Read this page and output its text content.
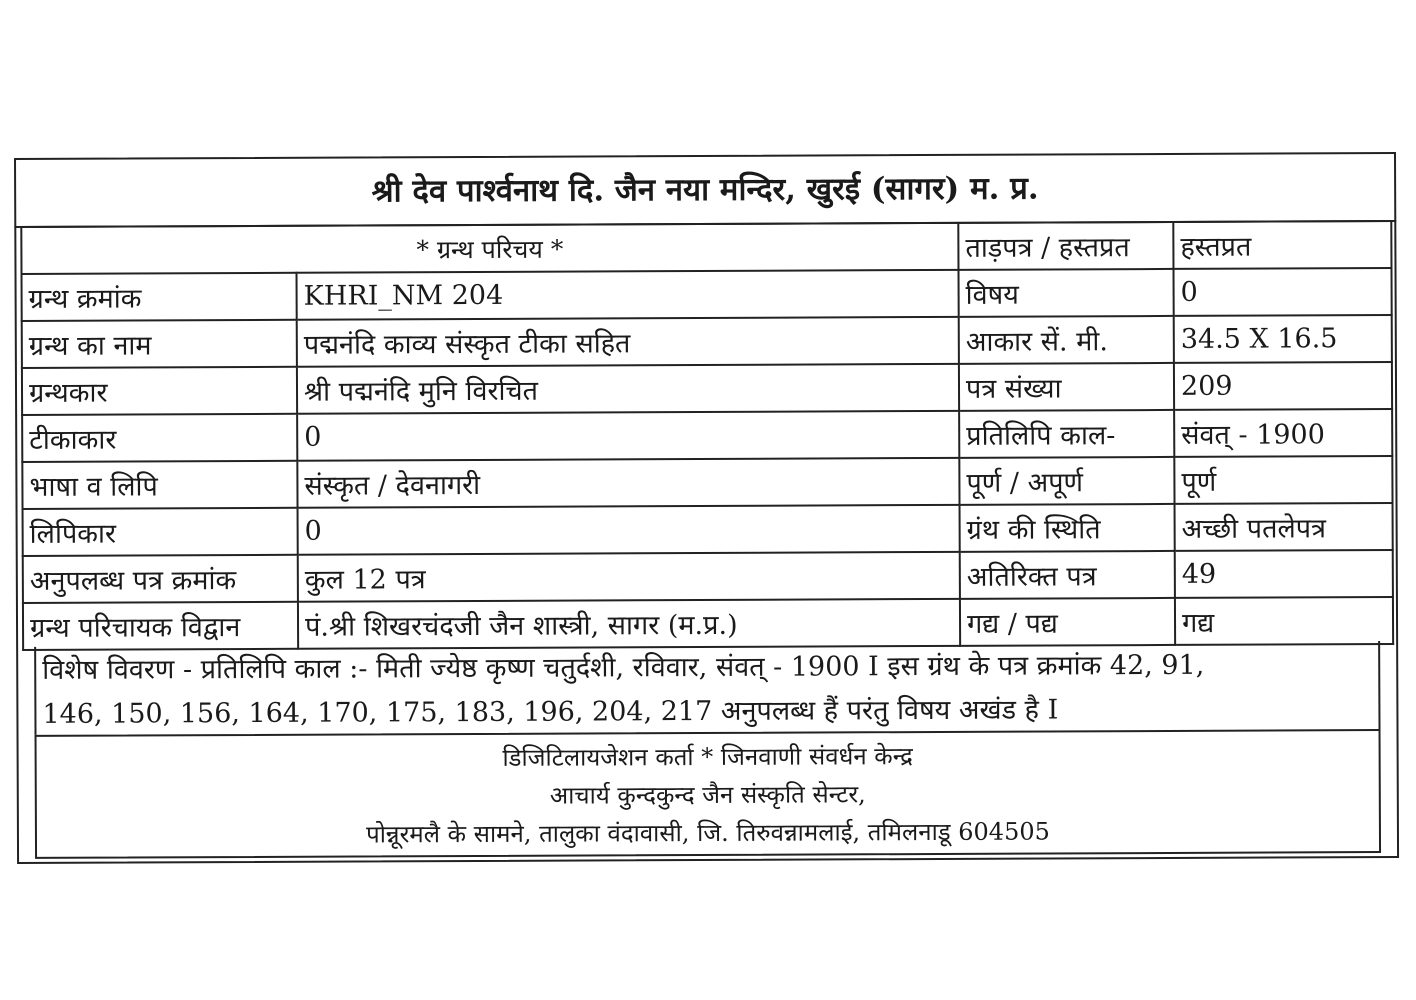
श्री देव पार्श्वनाथ दि. जैन नया मन्दिर, खुरई (सागर) म. प्र.
* ग्रन्थ परिचय *		ताड़पत्र / हस्तप्रत	हस्तप्रत
ग्रन्थ क्रमांक	KHRI_NM 204	विषय	0
ग्रन्थ का नाम	पद्मनंदि काव्य संस्कृत टीका सहित	आकार सें. मी.	34.5 X 16.5
ग्रन्थकार	श्री पद्मनंदि मुनि विरचित	पत्र संख्या	209
टीकाकार	0	प्रतिलिपि काल-	संवत् - 1900
भाषा व लिपि	संस्कृत / देवनागरी	पूर्ण / अपूर्ण	पूर्ण
लिपिकार	0	ग्रंथ की स्थिति	अच्छी पतलेपत्र
अनुपलब्ध पत्र क्रमांक	कुल 12 पत्र	अतिरिक्त पत्र	49
ग्रन्थ परिचायक विद्वान	पं.श्री शिखरचंदजी जैन शास्त्री, सागर (म.प्र.)	गद्य / पद्य	गद्य
विशेष विवरण - प्रतिलिपि काल :- मिती ज्येष्ठ कृष्ण चतुर्दशी, रविवार, संवत् - 1900 I इस ग्रंथ के पत्र क्रमांक 42, 91,
146, 150, 156, 164, 170, 175, 183, 196, 204, 217 अनुपलब्ध हैं परंतु विषय अखंड है I
डिजिटिलायजेशन कर्ता * जिनवाणी संवर्धन केन्द्र
आचार्य कुन्दकुन्द जैन संस्कृति सेन्टर,
पोन्नूरमलै के सामने, तालुका वंदावासी, जि. तिरुवन्नामलाई, तमिलनाडू 604505
